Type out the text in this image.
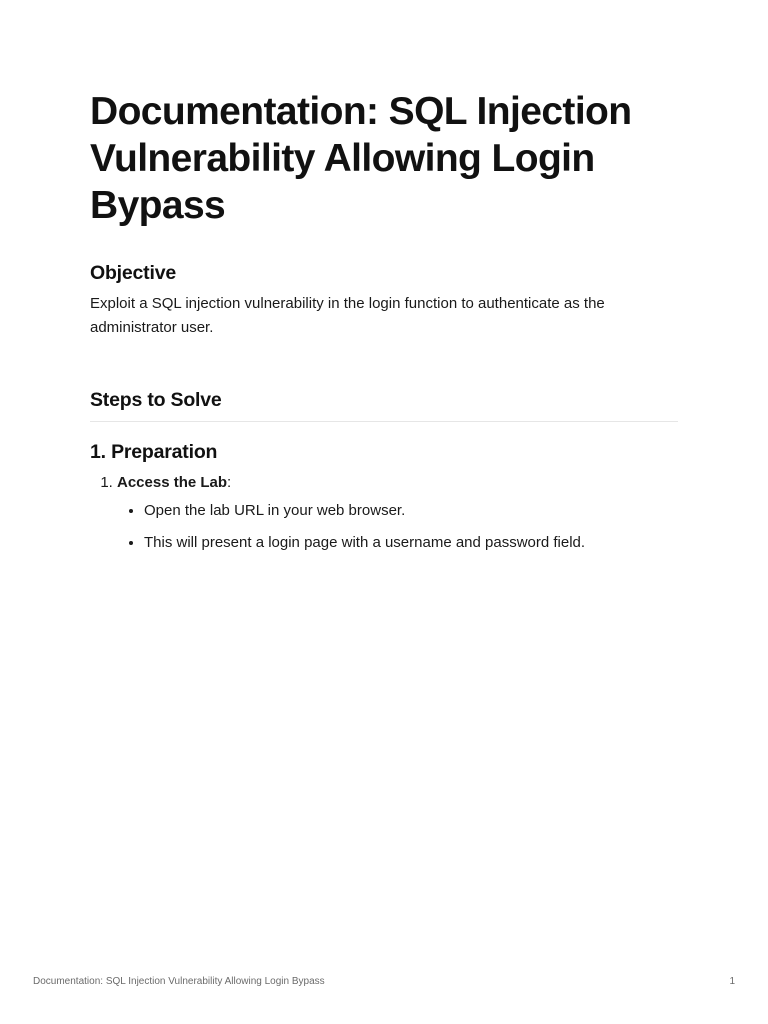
Documentation: SQL Injection Vulnerability Allowing Login Bypass
Objective

Exploit a SQL injection vulnerability in the login function to authenticate as the administrator user.

Steps to Solve
1. Preparation
1. Access the Lab:
• Open the lab URL in your web browser.
• This will present a login page with a username and password field.
Documentation: SQL Injection Vulnerability Allowing Login Bypass	1
